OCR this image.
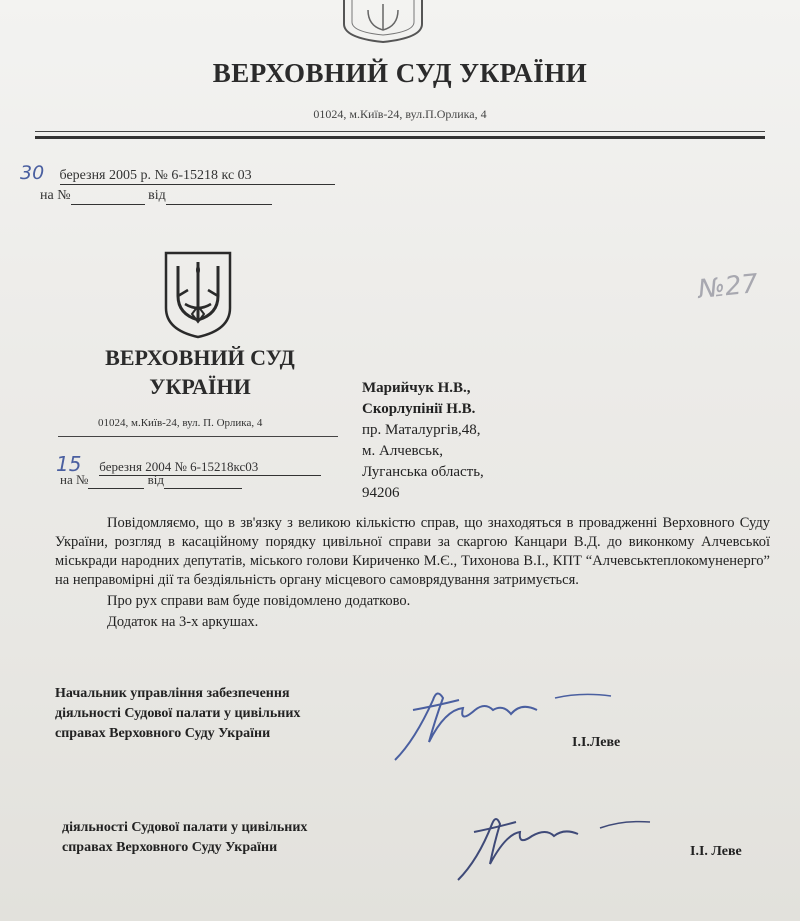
ВЕРХОВНИЙ СУД УКРАЇНИ
01024, м.Київ-24, вул.П.Орлика, 4
30 березня 2005 р. № 6-15218 кс 03
на №	від
№27
ВЕРХОВНИЙ СУД
УКРАЇНИ
01024, м.Київ-24, вул. П. Орлика, 4
15 березня 2004 № 6-15218кс03
на №	від
Марийчук Н.В.,
Скорлупінії Н.В.
пр. Маталургів,48,
м. Алчевськ,
Луганська область,
94206

Повідомляємо, що в зв'язку з великою кількістю справ, що знаходяться в провадженні Верховного Суду України, розгляд в касаційному порядку цивільної справи за скаргою Канцари В.Д. до виконкому Алчевської міськради народних депутатів, міського голови Кириченко М.Є., Тихонова В.І., КПТ “Алчевськтеплокомуненерго” на неправомірні дії та бездіяльність органу місцевого самоврядування затримується.

Про рух справи вам буде повідомлено додатково.

Додаток на 3-х аркушах.

Начальник управління забезпечення
діяльності Судової палати у цивільних
справах Верховного Суду України
І.І.Леве
діяльності Судової палати у цивільних
справах Верховного Суду України	І.І. Леве
